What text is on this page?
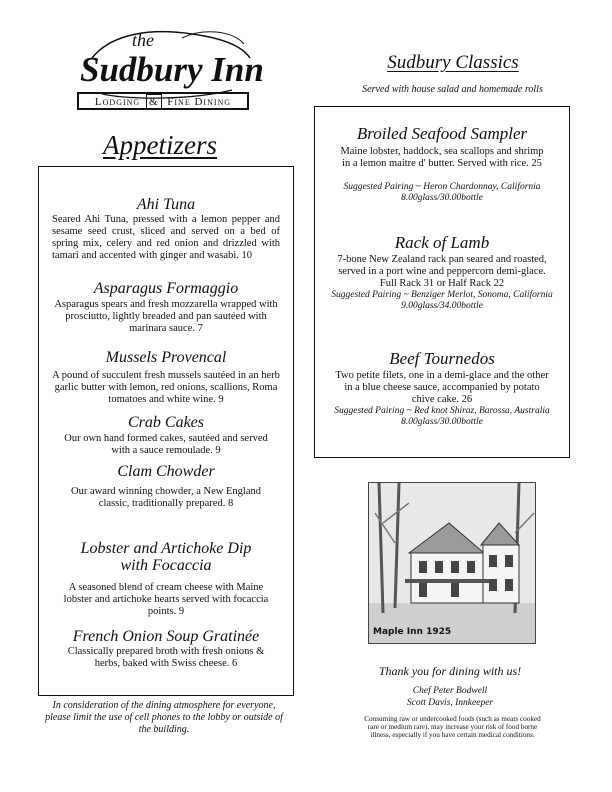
the
Sudbury Inn
Lodging & Fine Dining
Appetizers
Ahi Tuna
Seared Ahi Tuna, pressed with a lemon pepper and sesame seed crust, sliced and served on a bed of spring mix, celery and red onion and drizzled with tamari and accented with ginger and wasabi. 10
Asparagus Formaggio
Asparagus spears and fresh mozzarella wrapped with prosciutto, lightly breaded and pan sautéed with marinara sauce. 7
Mussels Provencal
A pound of succulent fresh mussels sautéed in an herb garlic butter with lemon, red onions, scallions, Roma tomatoes and white wine. 9
Crab Cakes
Our own hand formed cakes, sautéed and served with a sauce remoulade. 9
Clam Chowder
Our award winning chowder, a New England classic, traditionally prepared. 8
Lobster and Artichoke Dip with Focaccia
A seasoned blend of cream cheese with Maine lobster and artichoke hearts served with focaccia points. 9
French Onion Soup Gratinée
Classically prepared broth with fresh onions & herbs, baked with Swiss cheese. 6
In consideration of the dining atmosphere for everyone, please limit the use of cell phones to the lobby or outside of the building.
Sudbury Classics
Served with house salad and homemade rolls
Broiled Seafood Sampler
Maine lobster, haddock, sea scallops and shrimp in a lemon maitre d' butter. Served with rice. 25
Suggested Pairing ~ Heron Chardonnay, California 8.00glass/30.00bottle
Rack of Lamb
7-bone New Zealand rack pan seared and roasted, served in a port wine and peppercorn demi-glace. Full Rack 31 or Half Rack 22
Suggested Pairing ~ Benziger Merlot, Sonoma, California 9.00glass/34.00bottle
Beef Tournedos
Two petite filets, one in a demi-glace and the other in a blue cheese sauce, accompanied by potato chive cake. 26
Suggested Pairing ~ Red knot Shiraz, Barossa, Australia 8.00glass/30.00bottle
Maple Inn 1925
Thank you for dining with us!
Chef Peter Bodwell
Scott Davis, Innkeeper
Consuming raw or undercooked foods (such as meats cooked rare or medium rare), may increase your risk of food borne illness, especially if you have certain medical conditions.
